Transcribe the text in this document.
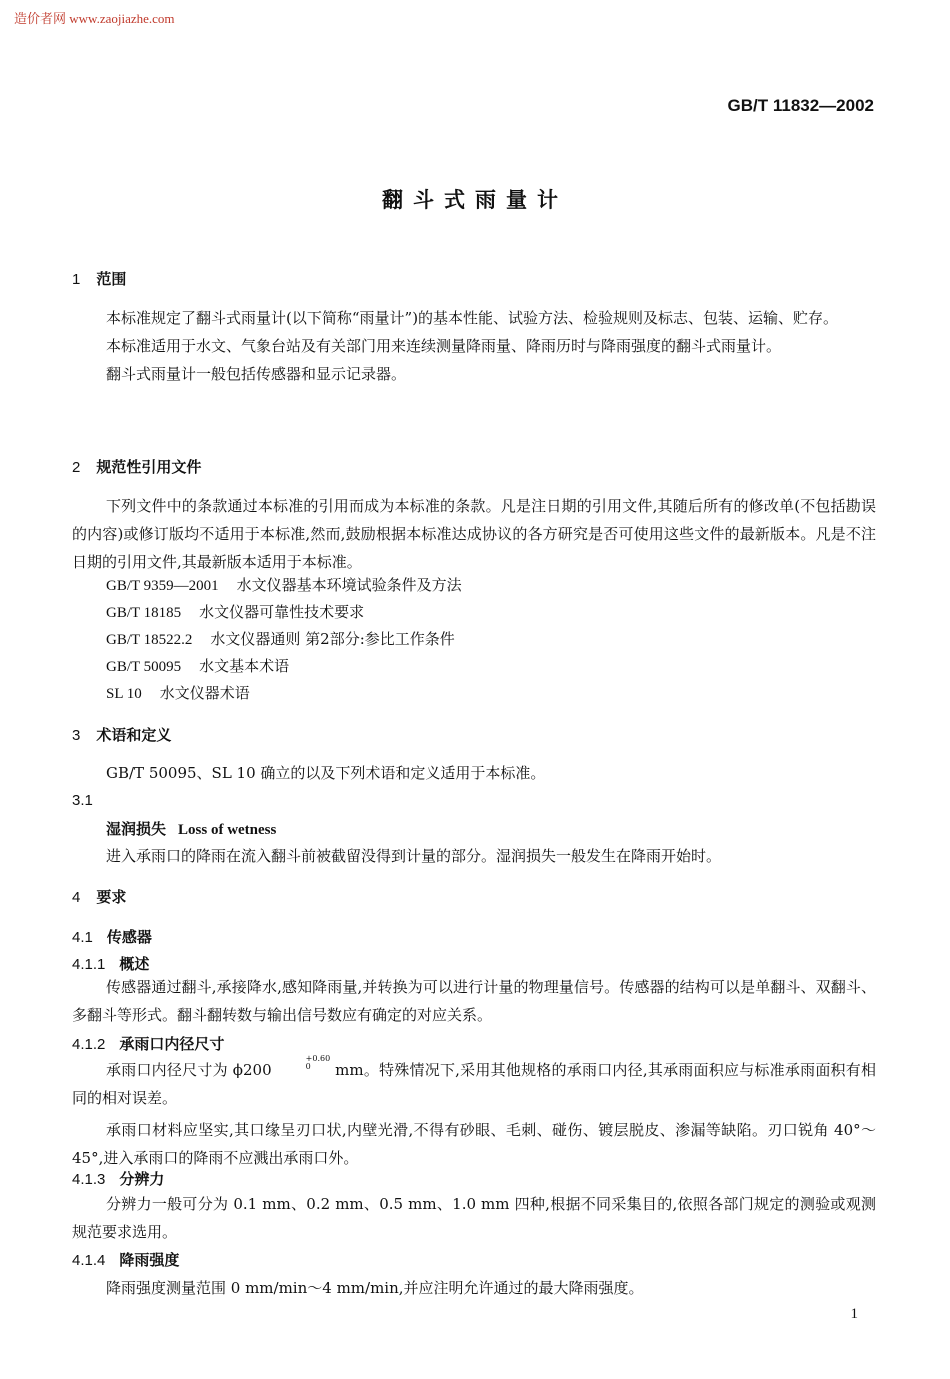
造价者网 www.zaojiazhe.com
GB/T 11832—2002
翻斗式雨量计
1 范围

本标准规定了翻斗式雨量计(以下简称“雨量计”)的基本性能、试验方法、检验规则及标志、包装、运输、贮存。

本标准适用于水文、气象台站及有关部门用来连续测量降雨量、降雨历时与降雨强度的翻斗式雨量计。

翻斗式雨量计一般包括传感器和显示记录器。

2 规范性引用文件

下列文件中的条款通过本标准的引用而成为本标准的条款。凡是注日期的引用文件,其随后所有的修改单(不包括勘误的内容)或修订版均不适用于本标准,然而,鼓励根据本标准达成协议的各方研究是否可使用这些文件的最新版本。凡是不注日期的引用文件,其最新版本适用于本标准。

GB/T 9359—2001 水文仪器基本环境试验条件及方法
GB/T 18185 水文仪器可靠性技术要求
GB/T 18522.2 水文仪器通则 第2部分:参比工作条件
GB/T 50095 水文基本术语
SL 10 水文仪器术语
3 术语和定义
GB/T 50095、SL 10 确立的以及下列术语和定义适用于本标准。
3.1
湿润损失 Loss of wetness
进入承雨口的降雨在流入翻斗前被截留没得到计量的部分。湿润损失一般发生在降雨开始时。
4 要求
4.1 传感器
4.1.1 概述

传感器通过翻斗,承接降水,感知降雨量,并转换为可以进行计量的物理量信号。传感器的结构可以是单翻斗、双翻斗、多翻斗等形式。翻斗翻转数与输出信号数应有确定的对应关系。

4.1.2 承雨口内径尺寸

承雨口内径尺寸为 ϕ200
$^{+0.60 0}$	mm。特殊情况下,采用其他规格的承雨口内径,其承雨面积应与标准承雨面积有相同的相对误差。

承雨口材料应坚实,其口缘呈刃口状,内壁光滑,不得有砂眼、毛刺、碰伤、镀层脱皮、渗漏等缺陷。刃口锐角 40°～45°,进入承雨口的降雨不应溅出承雨口外。

4.1.3 分辨力

分辨力一般可分为 0.1 mm、0.2 mm、0.5 mm、1.0 mm 四种,根据不同采集目的,依照各部门规定的测验或观测规范要求选用。

4.1.4 降雨强度
降雨强度测量范围 0 mm/min～4 mm/min,并应注明允许通过的最大降雨强度。
1
